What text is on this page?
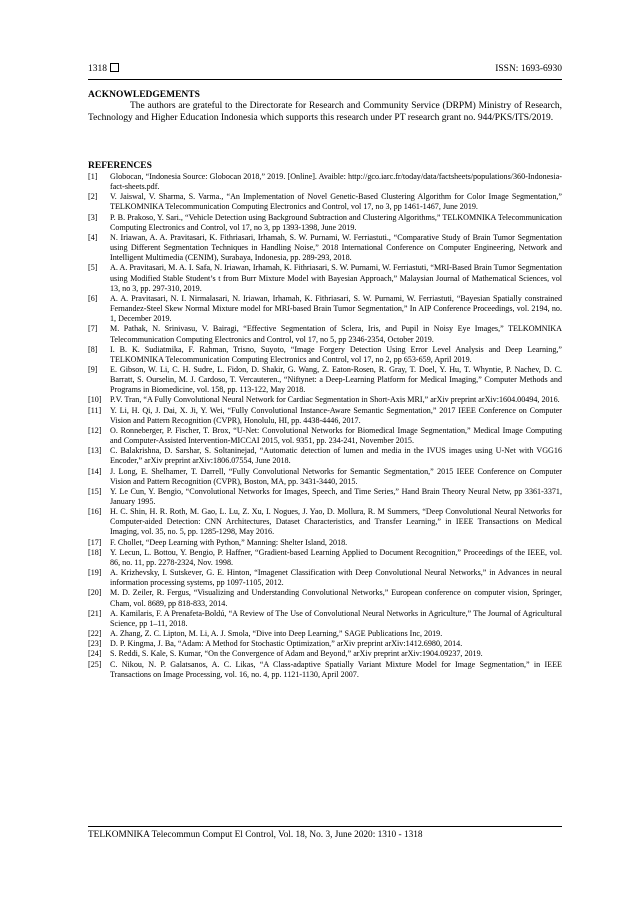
1318	ISSN: 1693-6930
ACKNOWLEDGEMENTS

The authors are grateful to the Directorate for Research and Community Service (DRPM) Ministry of Research, Technology and Higher Education Indonesia which supports this research under PT research grant no. 944/PKS/ITS/2019.

REFERENCES
[1] Globocan, “Indonesia Source: Globocan 2018,” 2019. [Online]. Avaible: http://gco.iarc.fr/today/data/factsheets/populations/360-Indonesia-fact-sheets.pdf.
[2] V. Jaiswal, V. Sharma, S. Varma., “An Implementation of Novel Genetic-Based Clustering Algorithm for Color Image Segmentation,” TELKOMNIKA Telecommunication Computing Electronics and Control, vol 17, no 3, pp 1461-1467, June 2019.
[3] P. B. Prakoso, Y. Sari., “Vehicle Detection using Background Subtraction and Clustering Algorithms,” TELKOMNIKA Telecommunication Computing Electronics and Control, vol 17, no 3, pp 1393-1398, June 2019.
[4] N. Iriawan, A. A. Pravitasari, K. Fithriasari, Irhamah, S. W. Purnami, W. Ferriastuti., “Comparative Study of Brain Tumor Segmentation using Different Segmentation Techniques in Handling Noise,” 2018 International Conference on Computer Engineering, Network and Intelligent Multimedia (CENIM), Surabaya, Indonesia, pp. 289-293, 2018.
[5] A. A. Pravitasari, M. A. I. Safa, N. Iriawan, Irhamah, K. Fithriasari, S. W. Purnami, W. Ferriastuti, “MRI-Based Brain Tumor Segmentation using Modified Stable Student’s t from Burr Mixture Model with Bayesian Approach,” Malaysian Journal of Mathematical Sciences, vol 13, no 3, pp. 297-310, 2019.
[6] A. A. Pravitasari, N. I. Nirmalasari, N. Iriawan, Irhamah, K. Fithriasari, S. W. Purnami, W. Ferriastuti, “Bayesian Spatially constrained Fernandez-Steel Skew Normal Mixture model for MRI-based Brain Tumor Segmentation,” In AIP Conference Proceedings, vol. 2194, no. 1, December 2019.
[7] M. Pathak, N. Srinivasu, V. Bairagi, “Effective Segmentation of Sclera, Iris, and Pupil in Noisy Eye Images,” TELKOMNIKA Telecommunication Computing Electronics and Control, vol 17, no 5, pp 2346-2354, October 2019.
[8] I. B. K. Sudiatmika, F. Rahman, Trisno, Suyoto, “Image Forgery Detection Using Error Level Analysis and Deep Learning,” TELKOMNIKA Telecommunication Computing Electronics and Control, vol 17, no 2, pp 653-659, April 2019.
[9] E. Gibson, W. Li, C. H. Sudre, L. Fidon, D. Shakir, G. Wang, Z. Eaton-Rosen, R. Gray, T. Doel, Y. Hu, T. Whyntie, P. Nachev, D. C. Barratt, S. Ourselin, M. J. Cardoso, T. Vercauteren., “Niftynet: a Deep-Learning Platform for Medical Imaging,” Computer Methods and Programs in Biomedicine, vol. 158, pp. 113-122, May 2018.
[10] P.V. Tran, “A Fully Convolutional Neural Network for Cardiac Segmentation in Short-Axis MRI,” arXiv preprint arXiv:1604.00494, 2016.
[11] Y. Li, H. Qi, J. Dai, X. Ji, Y. Wei, “Fully Convolutional Instance-Aware Semantic Segmentation,” 2017 IEEE Conference on Computer Vision and Pattern Recognition (CVPR), Honolulu, HI, pp. 4438-4446, 2017.
[12] O. Ronneberger, P. Fischer, T. Brox, “U-Net: Convolutional Networks for Biomedical Image Segmentation,” Medical Image Computing and Computer-Assisted Intervention-MICCAI 2015, vol. 9351, pp. 234-241, November 2015.
[13] C. Balakrishna, D. Sarshar, S. Soltaninejad, “Automatic detection of lumen and media in the IVUS images using U-Net with VGG16 Encoder,” arXiv preprint arXiv:1806.07554, June 2018.
[14] J. Long, E. Shelhamer, T. Darrell, “Fully Convolutional Networks for Semantic Segmentation,” 2015 IEEE Conference on Computer Vision and Pattern Recognition (CVPR), Boston, MA, pp. 3431-3440, 2015.
[15] Y. Le Cun, Y. Bengio, “Convolutional Networks for Images, Speech, and Time Series,” Hand Brain Theory Neural Netw, pp 3361-3371, January 1995.
[16] H. C. Shin, H. R. Roth, M. Gao, L. Lu, Z. Xu, I. Nogues, J. Yao, D. Mollura, R. M Summers, “Deep Convolutional Neural Networks for Computer-aided Detection: CNN Architectures, Dataset Characteristics, and Transfer Learning,” in IEEE Transactions on Medical Imaging, vol. 35, no. 5, pp. 1285-1298, May 2016.
[17] F. Chollet, “Deep Learning with Python,” Manning: Shelter Island, 2018.
[18] Y. Lecun, L. Bottou, Y. Bengio, P. Haffner, “Gradient-based Learning Applied to Document Recognition,” Proceedings of the IEEE, vol. 86, no. 11, pp. 2278-2324, Nov. 1998.
[19] A. Krizhevsky, I. Sutskever, G. E. Hinton, “Imagenet Classification with Deep Convolutional Neural Networks,” in Advances in neural information processing systems, pp 1097-1105, 2012.
[20] M. D. Zeiler, R. Fergus, “Visualizing and Understanding Convolutional Networks,” European conference on computer vision, Springer, Cham, vol. 8689, pp 818-833, 2014.
[21] A. Kamilaris, F. A Prenafeta-Boldú, “A Review of The Use of Convolutional Neural Networks in Agriculture,” The Journal of Agricultural Science, pp 1–11, 2018.
[22] A. Zhang, Z. C. Lipton, M. Li, A. J. Smola, “Dive into Deep Learning,” SAGE Publications Inc, 2019.
[23] D. P. Kingma, J. Ba, “Adam: A Method for Stochastic Optimization,” arXiv preprint arXiv:1412.6980, 2014.
[24] S. Reddi, S. Kale, S. Kumar, “On the Convergence of Adam and Beyond,” arXiv preprint arXiv:1904.09237, 2019.
[25] C. Nikou, N. P. Galatsanos, A. C. Likas, “A Class-adaptive Spatially Variant Mixture Model for Image Segmentation,” in IEEE Transactions on Image Processing, vol. 16, no. 4, pp. 1121-1130, April 2007.
TELKOMNIKA Telecommun Comput El Control, Vol. 18, No. 3, June 2020: 1310 - 1318
